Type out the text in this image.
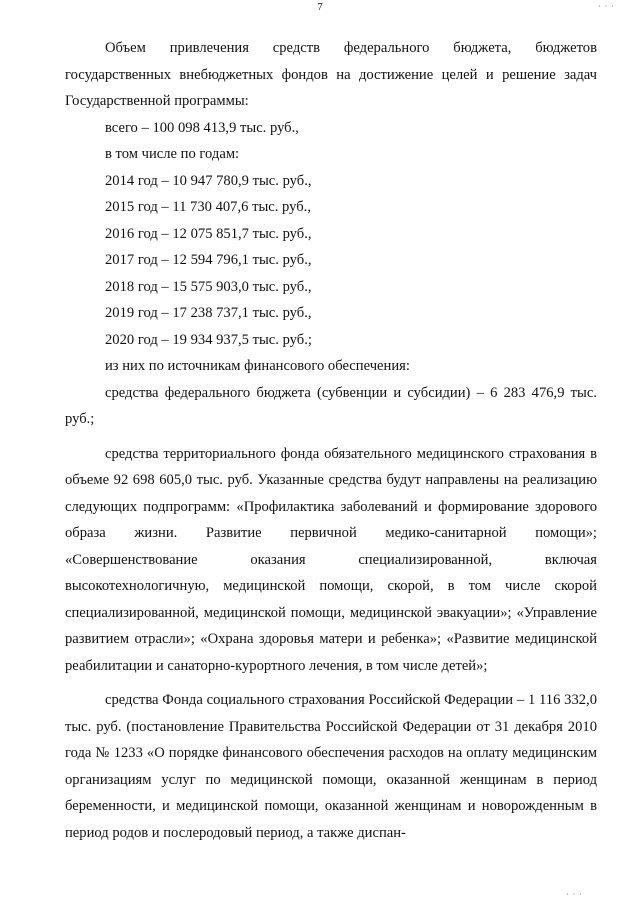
7

Объем привлечения средств федерального бюджета, бюджетов государственных внебюджетных фондов на достижение целей и решение задач Государственной программы:

всего – 100 098 413,9 тыс. руб.,

в том числе по годам:

2014 год – 10 947 780,9 тыс. руб.,

2015 год – 11 730 407,6 тыс. руб.,

2016 год – 12 075 851,7 тыс. руб.,

2017 год – 12 594 796,1 тыс. руб.,

2018 год – 15 575 903,0 тыс. руб.,

2019 год – 17 238 737,1 тыс. руб.,

2020 год – 19 934 937,5 тыс. руб.;

из них по источникам финансового обеспечения:

средства федерального бюджета (субвенции и субсидии) – 6 283 476,9 тыс. руб.;

средства территориального фонда обязательного медицинского страхования в объеме 92 698 605,0 тыс. руб. Указанные средства будут направлены на реализацию следующих подпрограмм: «Профилактика заболеваний и формирование здорового образа жизни. Развитие первичной медико-санитарной помощи»; «Совершенствование оказания специализированной, включая высокотехнологичную, медицинской помощи, скорой, в том числе скорой специализированной, медицинской помощи, медицинской эвакуации»; «Управление развитием отрасли»; «Охрана здоровья матери и ребенка»; «Развитие медицинской реабилитации и санаторно-курортного лечения, в том числе детей»;

средства Фонда социального страхования Российской Федерации – 1 116 332,0 тыс. руб. (постановление Правительства Российской Федерации от 31 декабря 2010 года № 1233 «О порядке финансового обеспечения расходов на оплату медицинским организациям услуг по медицинской помощи, оказанной женщинам в период беременности, и медицинской помощи, оказанной женщинам и новорожденным в период родов и послеродовый период, а также диспан-

· · ·
· · ·
